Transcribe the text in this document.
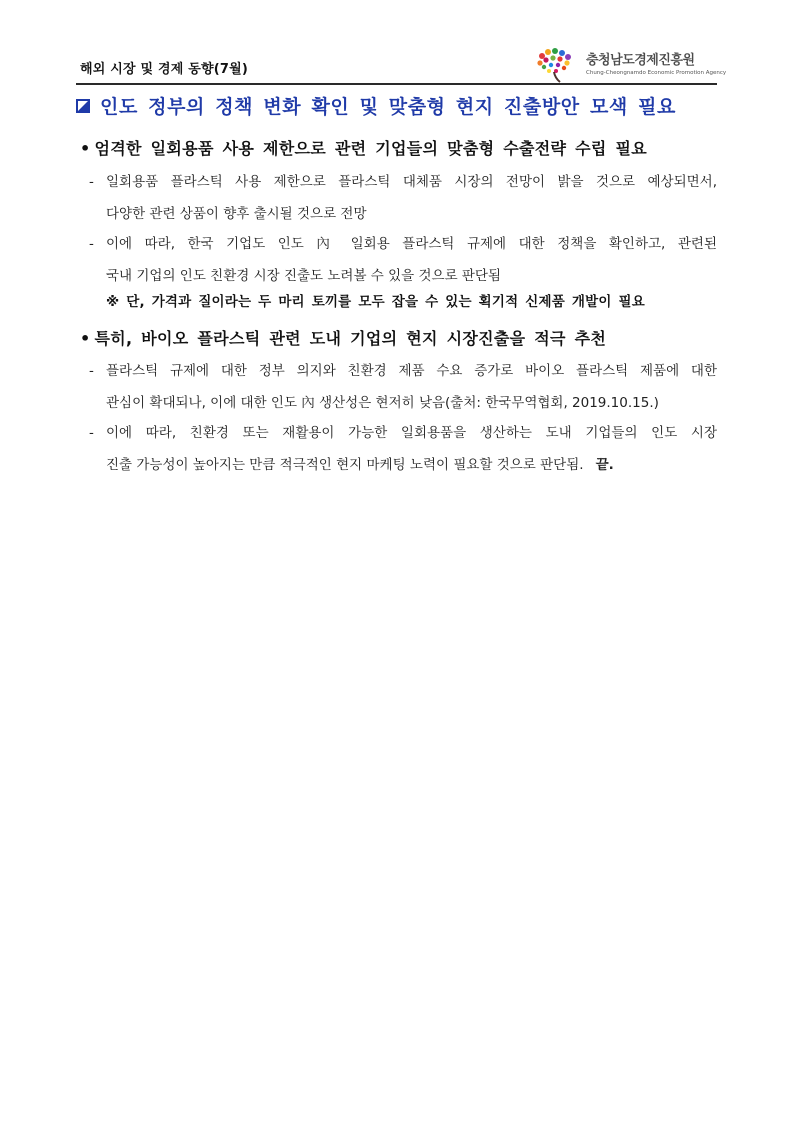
해외 시장 및 경제 동향(7월)
충청남도경제진흥원
Chung-Cheongnamdo Economic Promotion Agency
인도 정부의 정책 변화 확인 및 맞춤형 현지 진출방안 모색 필요
• 엄격한 일회용품 사용 제한으로 관련 기업들의 맞춤형 수출전략 수립 필요
- 일회용품 플라스틱 사용 제한으로 플라스틱 대체품 시장의 전망이 밝을 것으로 예상되면서,
다양한 관련 상품이 향후 출시될 것으로 전망
- 이에 따라, 한국 기업도 인도 內 일회용 플라스틱 규제에 대한 정책을 확인하고, 관련된
국내 기업의 인도 친환경 시장 진출도 노려볼 수 있을 것으로 판단됨
※ 단, 가격과 질이라는 두 마리 토끼를 모두 잡을 수 있는 획기적 신제품 개발이 필요
• 특히, 바이오 플라스틱 관련 도내 기업의 현지 시장진출을 적극 추천
- 플라스틱 규제에 대한 정부 의지와 친환경 제품 수요 증가로 바이오 플라스틱 제품에 대한
관심이 확대되나, 이에 대한 인도 內 생산성은 현저히 낮음(출처: 한국무역협회, 2019.10.15.)
- 이에 따라, 친환경 또는 재활용이 가능한 일회용품을 생산하는 도내 기업들의 인도 시장
진출 가능성이 높아지는 만큼 적극적인 현지 마케팅 노력이 필요할 것으로 판단됨. 끝.
